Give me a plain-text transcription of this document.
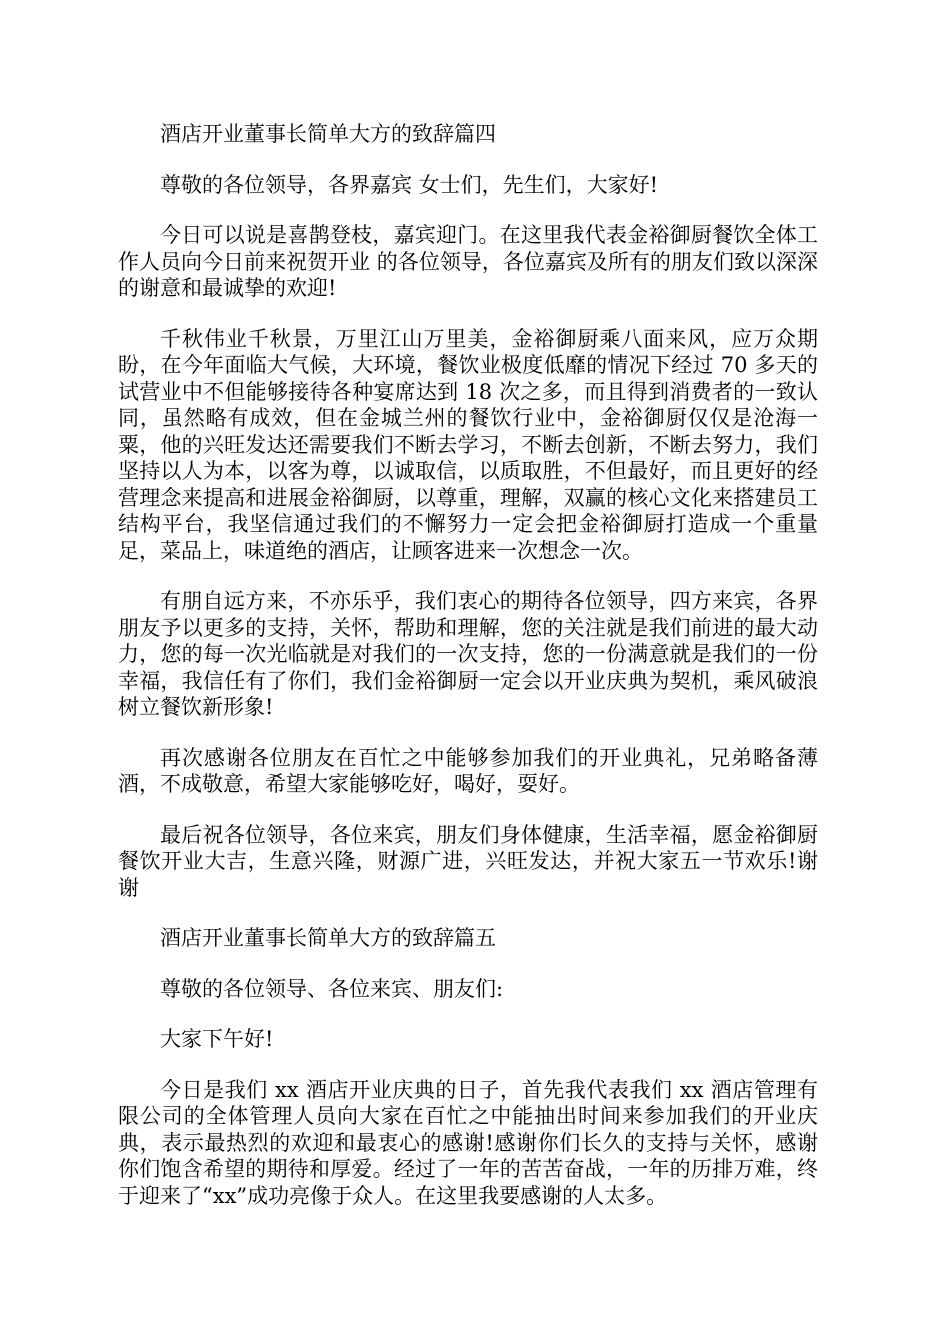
酒店开业董事长简单大方的致辞篇四

尊敬的各位领导，各界嘉宾 女士们，先生们，大家好!

今日可以说是喜鹊登枝，嘉宾迎门。在这里我代表金裕御厨餐饮全体工作人员向今日前来祝贺开业 的各位领导，各位嘉宾及所有的朋友们致以深深的谢意和最诚挚的欢迎!

千秋伟业千秋景，万里江山万里美，金裕御厨乘八面来风，应万众期盼，在今年面临大气候，大环境，餐饮业极度低靡的情况下经过 70 多天的试营业中不但能够接待各种宴席达到 18 次之多，而且得到消费者的一致认同，虽然略有成效，但在金城兰州的餐饮行业中，金裕御厨仅仅是沧海一粟，他的兴旺发达还需要我们不断去学习，不断去创新，不断去努力，我们坚持以人为本，以客为尊，以诚取信，以质取胜，不但最好，而且更好的经营理念来提高和进展金裕御厨，以尊重，理解，双赢的核心文化来搭建员工结构平台，我坚信通过我们的不懈努力一定会把金裕御厨打造成一个重量足，菜品上，味道绝的酒店，让顾客进来一次想念一次。

有朋自远方来，不亦乐乎，我们衷心的期待各位领导，四方来宾，各界朋友予以更多的支持，关怀，帮助和理解，您的关注就是我们前进的最大动力，您的每一次光临就是对我们的一次支持，您的一份满意就是我们的一份幸福，我信任有了你们，我们金裕御厨一定会以开业庆典为契机，乘风破浪树立餐饮新形象!

再次感谢各位朋友在百忙之中能够参加我们的开业典礼，兄弟略备薄酒，不成敬意，希望大家能够吃好，喝好，耍好。

最后祝各位领导，各位来宾，朋友们身体健康，生活幸福，愿金裕御厨餐饮开业大吉，生意兴隆，财源广进，兴旺发达，并祝大家五一节欢乐!谢谢

酒店开业董事长简单大方的致辞篇五

尊敬的各位领导、各位来宾、朋友们:

大家下午好!

今日是我们 xx 酒店开业庆典的日子，首先我代表我们 xx 酒店管理有限公司的全体管理人员向大家在百忙之中能抽出时间来参加我们的开业庆典，表示最热烈的欢迎和最衷心的感谢!感谢你们长久的支持与关怀，感谢你们饱含希望的期待和厚爱。经过了一年的苦苦奋战，一年的历排万难，终于迎来了“xx”成功亮像于众人。在这里我要感谢的人太多。
